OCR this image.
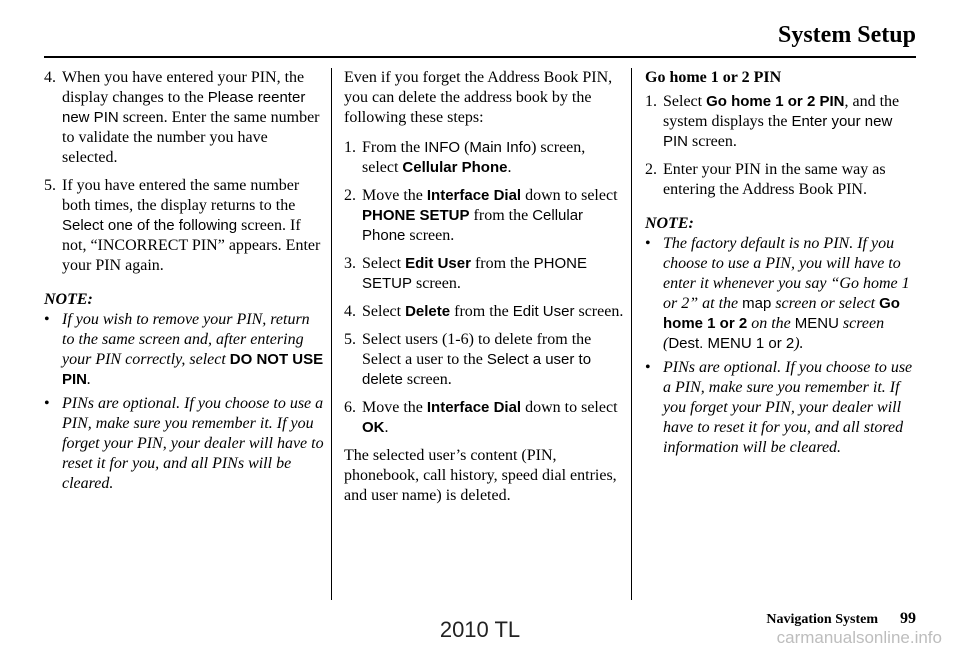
System Setup
4. When you have entered your PIN, the display changes to the Please reenter new PIN screen. Enter the same number to validate the number you have selected.
5. If you have entered the same number both times, the display returns to the Select one of the following screen. If not, “INCORRECT PIN” appears. Enter your PIN again.
NOTE:
• If you wish to remove your PIN, return to the same screen and, after entering your PIN correctly, select DO NOT USE PIN.
• PINs are optional. If you choose to use a PIN, make sure you remember it. If you forget your PIN, your dealer will have to reset it for you, and all PINs will be cleared.
Even if you forget the Address Book PIN, you can delete the address book by the following these steps:
1. From the INFO (Main Info) screen, select Cellular Phone.
2. Move the Interface Dial down to select PHONE SETUP from the Cellular Phone screen.
3. Select Edit User from the PHONE SETUP screen.
4. Select Delete from the Edit User screen.
5. Select users (1-6) to delete from the Select a user to the Select a user to delete screen.
6. Move the Interface Dial down to select OK.
The selected user’s content (PIN, phonebook, call history, speed dial entries, and user name) is deleted.
Go home 1 or 2 PIN
1. Select Go home 1 or 2 PIN, and the system displays the Enter your new PIN screen.
2. Enter your PIN in the same way as entering the Address Book PIN.
NOTE:
• The factory default is no PIN. If you choose to use a PIN, you will have to enter it whenever you say “Go home 1 or 2” at the map screen or select Go home 1 or 2 on the MENU screen (Dest. MENU 1 or 2).
• PINs are optional. If you choose to use a PIN, make sure you remember it. If you forget your PIN, your dealer will have to reset it for you, and all stored information will be cleared.
Navigation System 99
2010 TL	carmanualsonline.info
